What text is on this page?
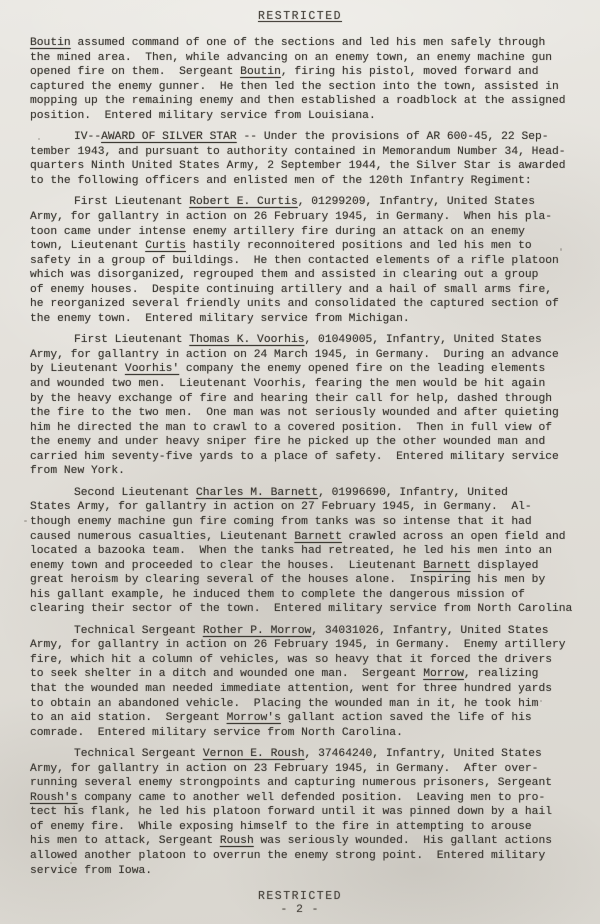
RESTRICTED
Boutin assumed command of one of the sections and led his men safely through
the mined area.  Then, while advancing on an enemy town, an enemy machine gun
opened fire on them.  Sergeant Boutin, firing his pistol, moved forward and
captured the enemy gunner.  He then led the section into the town, assisted in
mopping up the remaining enemy and then established a roadblock at the assigned
position.  Entered military service from Louisiana.
IV--AWARD OF SILVER STAR -- Under the provisions of AR 600-45, 22 Sep-
tember 1943, and pursuant to authority contained in Memorandum Number 34, Head-
quarters Ninth United States Army, 2 September 1944, the Silver Star is awarded
to the following officers and enlisted men of the 120th Infantry Regiment:
First Lieutenant Robert E. Curtis, 01299209, Infantry, United States
Army, for gallantry in action on 26 February 1945, in Germany.  When his pla-
toon came under intense enemy artillery fire during an attack on an enemy
town, Lieutenant Curtis hastily reconnoitered positions and led his men to
safety in a group of buildings.  He then contacted elements of a rifle platoon
which was disorganized, regrouped them and assisted in clearing out a group
of enemy houses.  Despite continuing artillery and a hail of small arms fire,
he reorganized several friendly units and consolidated the captured section of
the enemy town.  Entered military service from Michigan.
First Lieutenant Thomas K. Voorhis, 01049005, Infantry, United States
Army, for gallantry in action on 24 March 1945, in Germany.  During an advance
by Lieutenant Voorhis' company the enemy opened fire on the leading elements
and wounded two men.  Lieutenant Voorhis, fearing the men would be hit again
by the heavy exchange of fire and hearing their call for help, dashed through
the fire to the two men.  One man was not seriously wounded and after quieting
him he directed the man to crawl to a covered position.  Then in full view of
the enemy and under heavy sniper fire he picked up the other wounded man and
carried him seventy-five yards to a place of safety.  Entered military service
from New York.
Second Lieutenant Charles M. Barnett, 01996690, Infantry, United
States Army, for gallantry in action on 27 February 1945, in Germany.  Al-
though enemy machine gun fire coming from tanks was so intense that it had
caused numerous casualties, Lieutenant Barnett crawled across an open field and
located a bazooka team.  When the tanks had retreated, he led his men into an
enemy town and proceeded to clear the houses.  Lieutenant Barnett displayed
great heroism by clearing several of the houses alone.  Inspiring his men by
his gallant example, he induced them to complete the dangerous mission of
clearing their sector of the town.  Entered military service from North Carolina
Technical Sergeant Rother P. Morrow, 34031026, Infantry, United States
Army, for gallantry in action on 26 February 1945, in Germany.  Enemy artillery
fire, which hit a column of vehicles, was so heavy that it forced the drivers
to seek shelter in a ditch and wounded one man.  Sergeant Morrow, realizing
that the wounded man needed immediate attention, went for three hundred yards
to obtain an abandoned vehicle.  Placing the wounded man in it, he took him
to an aid station.  Sergeant Morrow's gallant action saved the life of his
comrade.  Entered military service from North Carolina.
Technical Sergeant Vernon E. Roush, 37464240, Infantry, United States
Army, for gallantry in action on 23 February 1945, in Germany.  After over-
running several enemy strongpoints and capturing numerous prisoners, Sergeant
Roush's company came to another well defended position.  Leaving men to pro-
tect his flank, he led his platoon forward until it was pinned down by a hail
of enemy fire.  While exposing himself to the fire in attempting to arouse
his men to attack, Sergeant Roush was seriously wounded.  His gallant actions
allowed another platoon to overrun the enemy strong point.  Entered military
service from Iowa.
RESTRICTED
- 2 -
